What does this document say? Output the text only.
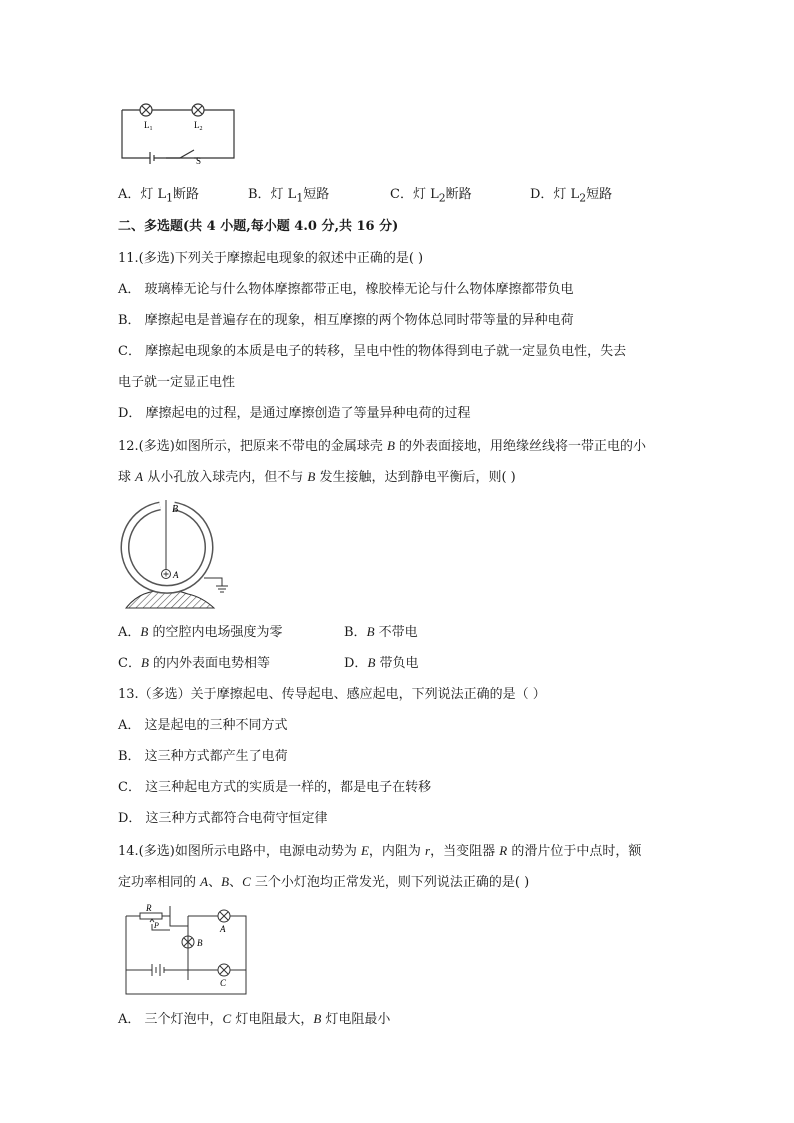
$L_1$	$L_2$
S
A．灯 $L_1$断路	B．灯 $L_1$短路	C．灯 $L_2$断路	D．灯 $L_2$短路
二、多选题(共 4 小题,每小题 4.0 分,共 16 分)
11.(多选)下列关于摩擦起电现象的叙述中正确的是( )
A． 玻璃棒无论与什么物体摩擦都带正电，橡胶棒无论与什么物体摩擦都带负电
B． 摩擦起电是普遍存在的现象，相互摩擦的两个物体总同时带等量的异种电荷
C． 摩擦起电现象的本质是电子的转移，呈电中性的物体得到电子就一定显负电性，失去
电子就一定显正电性
D． 摩擦起电的过程，是通过摩擦创造了等量异种电荷的过程
12.(多选)如图所示，把原来不带电的金属球壳 B 的外表面接地，用绝缘丝线将一带正电的小
球 A 从小孔放入球壳内，但不与 B 发生接触，达到静电平衡后，则( )
B
A
A．B 的空腔内电场强度为零	B．B 不带电
C．B 的内外表面电势相等	D．B 带负电
13.（多选）关于摩擦起电、传导起电、感应起电，下列说法正确的是（ ）
A． 这是起电的三种不同方式
B． 这三种方式都产生了电荷
C． 这三种起电方式的实质是一样的，都是电子在转移
D． 这三种方式都符合电荷守恒定律
14.(多选)如图所示电路中，电源电动势为 E，内阻为 r，当变阻器 R 的滑片位于中点时，额
定功率相同的 A、B、C 三个小灯泡均正常发光，则下列说法正确的是( )
R
P	A
B
C
A． 三个灯泡中，C 灯电阻最大，B 灯电阻最小
